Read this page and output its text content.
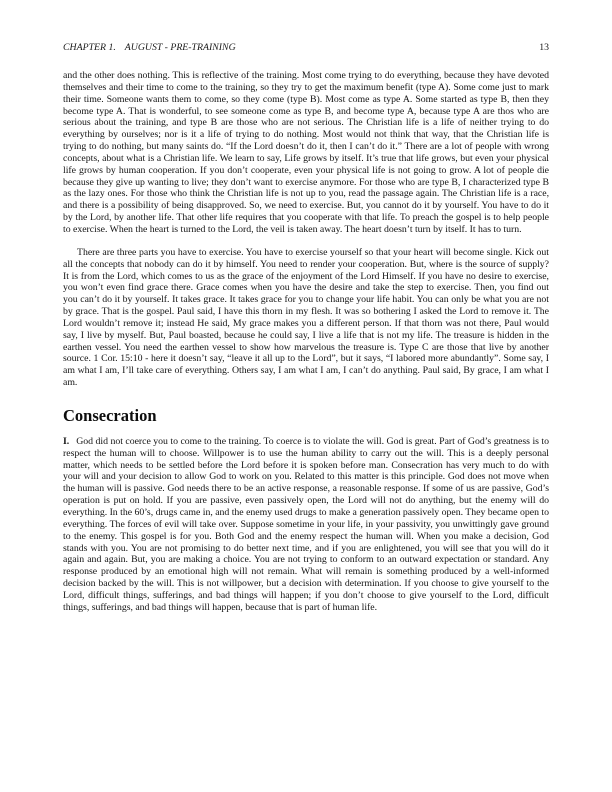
CHAPTER 1. AUGUST - PRE-TRAINING	13

and the other does nothing. This is reflective of the training. Most come trying to do everything, because they have devoted themselves and their time to come to the training, so they try to get the maximum benefit (type A). Some come just to mark their time. Someone wants them to come, so they come (type B). Most come as type A. Some started as type B, then they become type A. That is wonderful, to see someone come as type B, and become type A, because type A are thos who are serious about the training, and type B are those who are not serious. The Christian life is a life of neither trying to do everything by ourselves; nor is it a life of trying to do nothing. Most would not think that way, that the Christian life is trying to do nothing, but many saints do. “If the Lord doesn’t do it, then I can’t do it.” There are a lot of people with wrong concepts, about what is a Christian life. We learn to say, Life grows by itself. It’s true that life grows, but even your physical life grows by human cooperation. If you don’t cooperate, even your physical life is not going to grow. A lot of people die because they give up wanting to live; they don’t want to exercise anymore. For those who are type B, I characterized type B as the lazy ones. For those who think the Christian life is not up to you, read the passage again. The Christian life is a race, and there is a possibility of being disapproved. So, we need to exercise. But, you cannot do it by yourself. You have to do it by the Lord, by another life. That other life requires that you cooperate with that life. To preach the gospel is to help people to exercise. When the heart is turned to the Lord, the veil is taken away. The heart doesn’t turn by itself. It has to turn.

There are three parts you have to exercise. You have to exercise yourself so that your heart will become single. Kick out all the concepts that nobody can do it by himself. You need to render your cooperation. But, where is the source of supply? It is from the Lord, which comes to us as the grace of the enjoyment of the Lord Himself. If you have no desire to exercise, you won’t even find grace there. Grace comes when you have the desire and take the step to exercise. Then, you find out you can’t do it by yourself. It takes grace. It takes grace for you to change your life habit. You can only be what you are not by grace. That is the gospel. Paul said, I have this thorn in my flesh. It was so bothering I asked the Lord to remove it. The Lord wouldn’t remove it; instead He said, My grace makes you a different person. If that thorn was not there, Paul would say, I live by myself. But, Paul boasted, because he could say, I live a life that is not my life. The treasure is hidden in the earthen vessel. You need the earthen vessel to show how marvelous the treasure is. Type C are those that live by another source. 1 Cor. 15:10 - here it doesn’t say, “leave it all up to the Lord”, but it says, “I labored more abundantly”. Some say, I am what I am, I’ll take care of everything. Others say, I am what I am, I can’t do anything. Paul said, By grace, I am what I am.

Consecration

I. God did not coerce you to come to the training. To coerce is to violate the will. God is great. Part of God’s greatness is to respect the human will to choose. Willpower is to use the human ability to carry out the will. This is a deeply personal matter, which needs to be settled before the Lord before it is spoken before man. Consecration has very much to do with your will and your decision to allow God to work on you. Related to this matter is this principle. God does not move when the human will is passive. God needs there to be an active response, a reasonable response. If some of us are passive, God’s operation is put on hold. If you are passive, even passively open, the Lord will not do anything, but the enemy will do everything. In the 60’s, drugs came in, and the enemy used drugs to make a generation passively open. They became open to everything. The forces of evil will take over. Suppose sometime in your life, in your passivity, you unwittingly gave ground to the enemy. This gospel is for you. Both God and the enemy respect the human will. When you make a decision, God stands with you. You are not promising to do better next time, and if you are enlightened, you will see that you will do it again and again. But, you are making a choice. You are not trying to conform to an outward expectation or standard. Any response produced by an emotional high will not remain. What will remain is something produced by a well-informed decision backed by the will. This is not willpower, but a decision with determination. If you choose to give yourself to the Lord, difficult things, sufferings, and bad things will happen; if you don’t choose to give yourself to the Lord, difficult things, sufferings, and bad things will happen, because that is part of human life.
